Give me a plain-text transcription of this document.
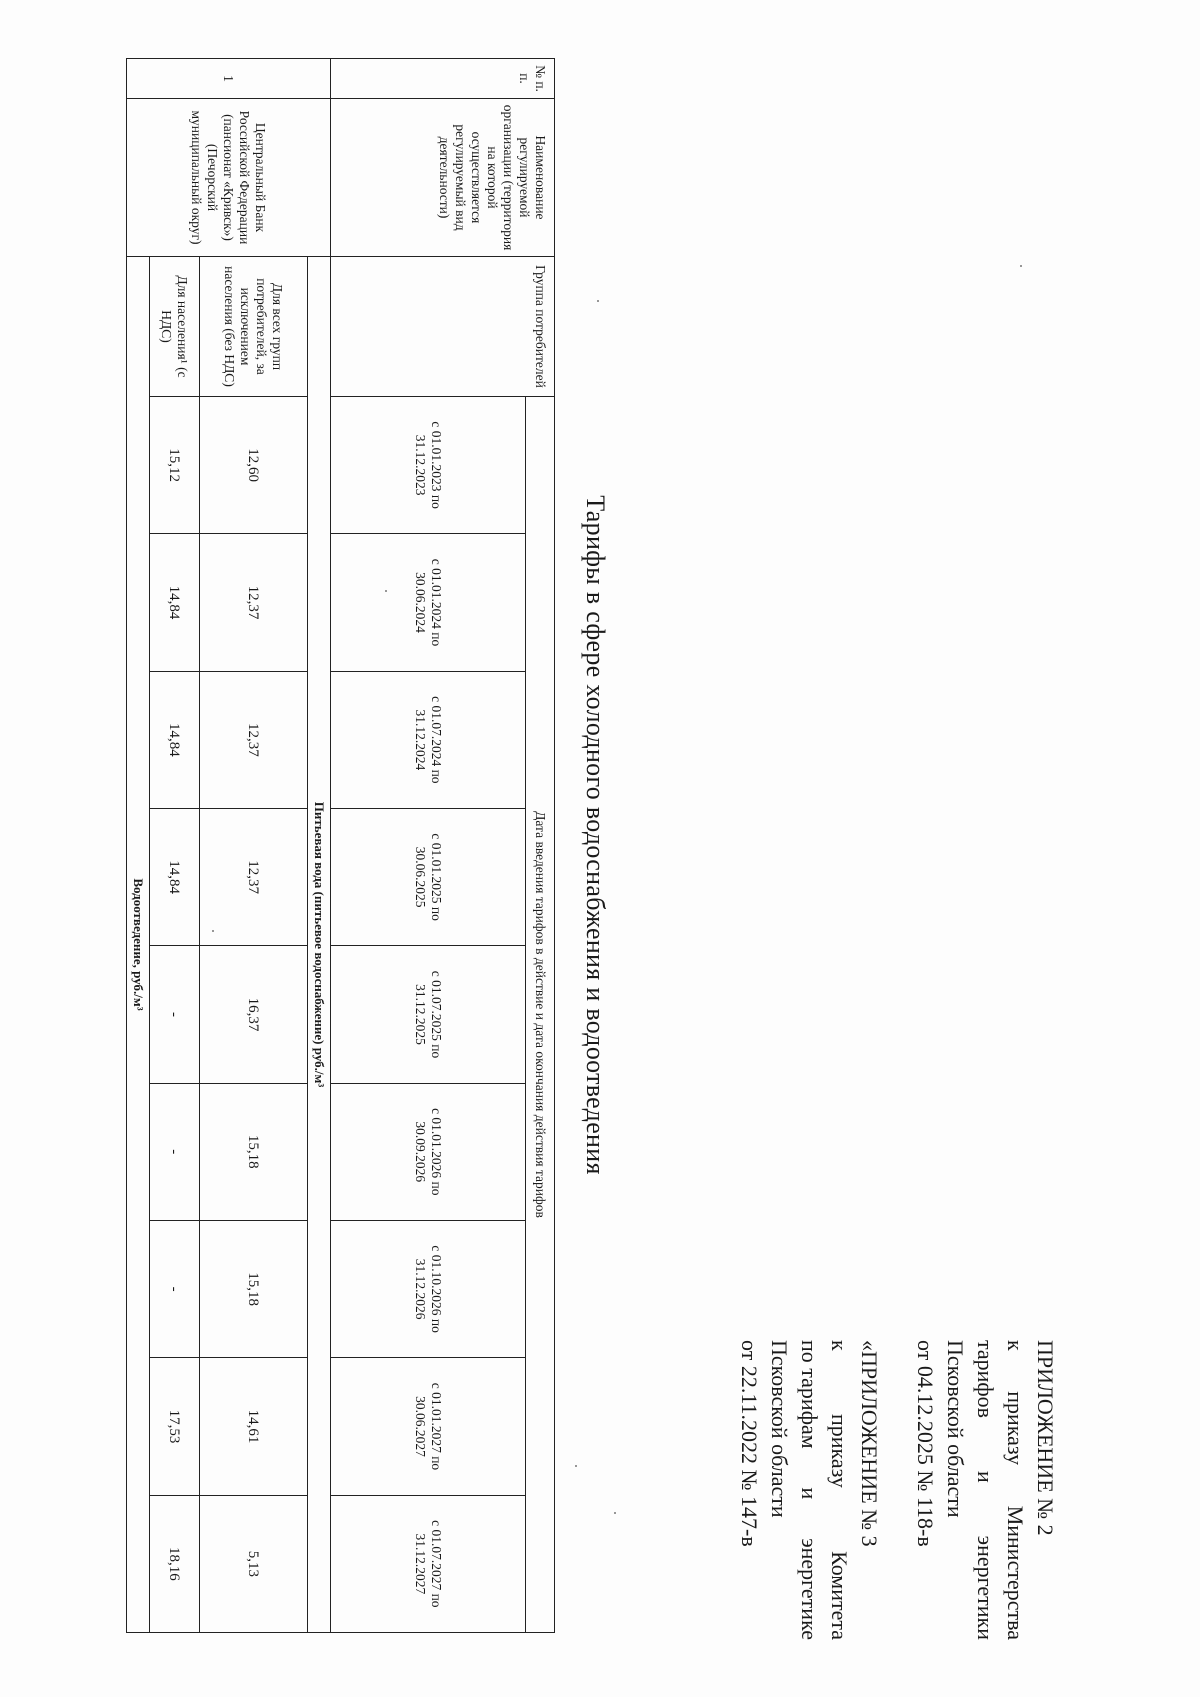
ПРИЛОЖЕНИЕ № 2
к
приказу
Министерства
тарифов
и
энергетики
Псковской области
от 04.12.2025 № 118-в
«ПРИЛОЖЕНИЕ № 3
к
приказу
Комитета
по тарифам
и
энергетике
Псковской области
от 22.11.2022 № 147-в
Тарифы в сфере холодного водоснабжения и водоотведения
№ п. п.	Наименование регулируемой организации (территория на которой осуществляется регулируемый вид деятельности)	Группа потребителей	Дата введения тарифов в действие и дата окончания действия тарифов								
			с 01.01.2023 по 31.12.2023	с 01.01.2024 по 30.06.2024	с 01.07.2024 по 31.12.2024	с 01.01.2025 по 30.06.2025	с 01.07.2025 по 31.12.2025	с 01.01.2026 по 30.09.2026	с 01.10.2026 по 31.12.2026	с 01.01.2027 по 30.06.2027	с 01.07.2027 по 31.12.2027
1	Центральный Банк Российской Федерации (пансионат «Кривск») (Печорский муниципальный округ)	Питьевая вода (питьевое водоснабжение) руб./м³									
		Для всех групп потребителей, за исключением населения (без НДС)	12,60	12,37	12,37	12,37	16,37	15,18	15,18	14,61	5,13
		Для населения¹ (с НДС)	15,12	14,84	14,84	14,84	-	-	-	17,53	18,16
		Водоотведение, руб./м³									
